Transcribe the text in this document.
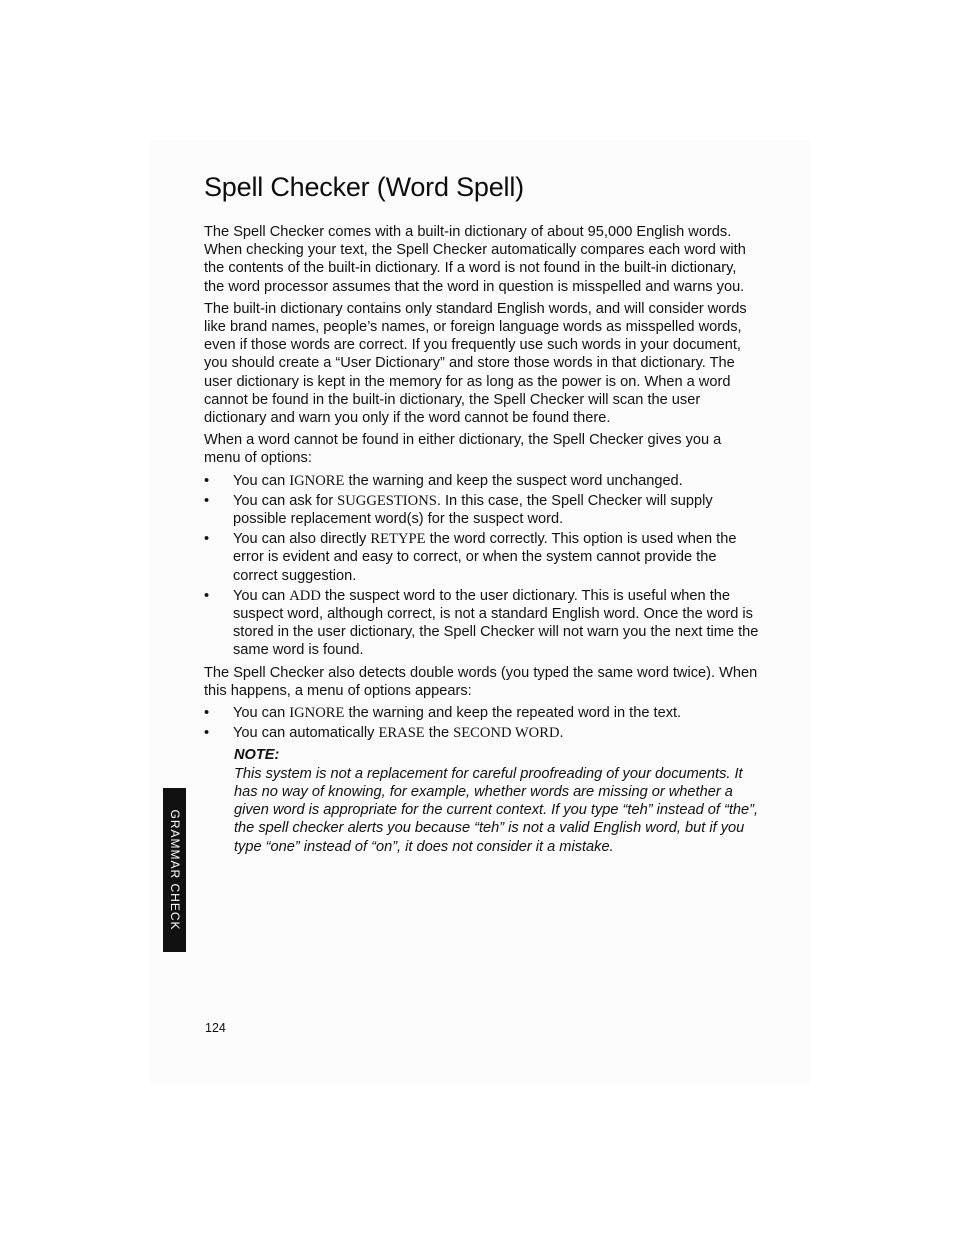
Spell Checker (Word Spell)

The Spell Checker comes with a built-in dictionary of about 95,000 English words. When checking your text, the Spell Checker automatically compares each word with the contents of the built-in dictionary. If a word is not found in the built-in dictionary, the word processor assumes that the word in question is misspelled and warns you.

The built-in dictionary contains only standard English words, and will consider words like brand names, people’s names, or foreign language words as misspelled words, even if those words are correct. If you frequently use such words in your document, you should create a “User Dictionary” and store those words in that dictionary. The user dictionary is kept in the memory for as long as the power is on. When a word cannot be found in the built-in dictionary, the Spell Checker will scan the user dictionary and warn you only if the word cannot be found there.

When a word cannot be found in either dictionary, the Spell Checker gives you a menu of options:

•	You can IGNORE the warning and keep the suspect word unchanged.
•	You can ask for SUGGESTIONS. In this case, the Spell Checker will supply possible replacement word(s) for the suspect word.
•	You can also directly RETYPE the word correctly. This option is used when the error is evident and easy to correct, or when the system cannot provide the correct suggestion.
•	You can ADD the suspect word to the user dictionary. This is useful when the suspect word, although correct, is not a standard English word. Once the word is stored in the user dictionary, the Spell Checker will not warn you the next time the same word is found.

The Spell Checker also detects double words (you typed the same word twice). When this happens, a menu of options appears:

•	You can IGNORE the warning and keep the repeated word in the text.
•	You can automatically ERASE the SECOND WORD.
NOTE:

This system is not a replacement for careful proofreading of your documents. It has no way of knowing, for example, whether words are missing or whether a given word is appropriate for the current context. If you type “teh” instead of “the”, the spell checker alerts you because “teh” is not a valid English word, but if you type “one” instead of “on”, it does not consider it a mistake.

GRAMMAR CHECK
124
